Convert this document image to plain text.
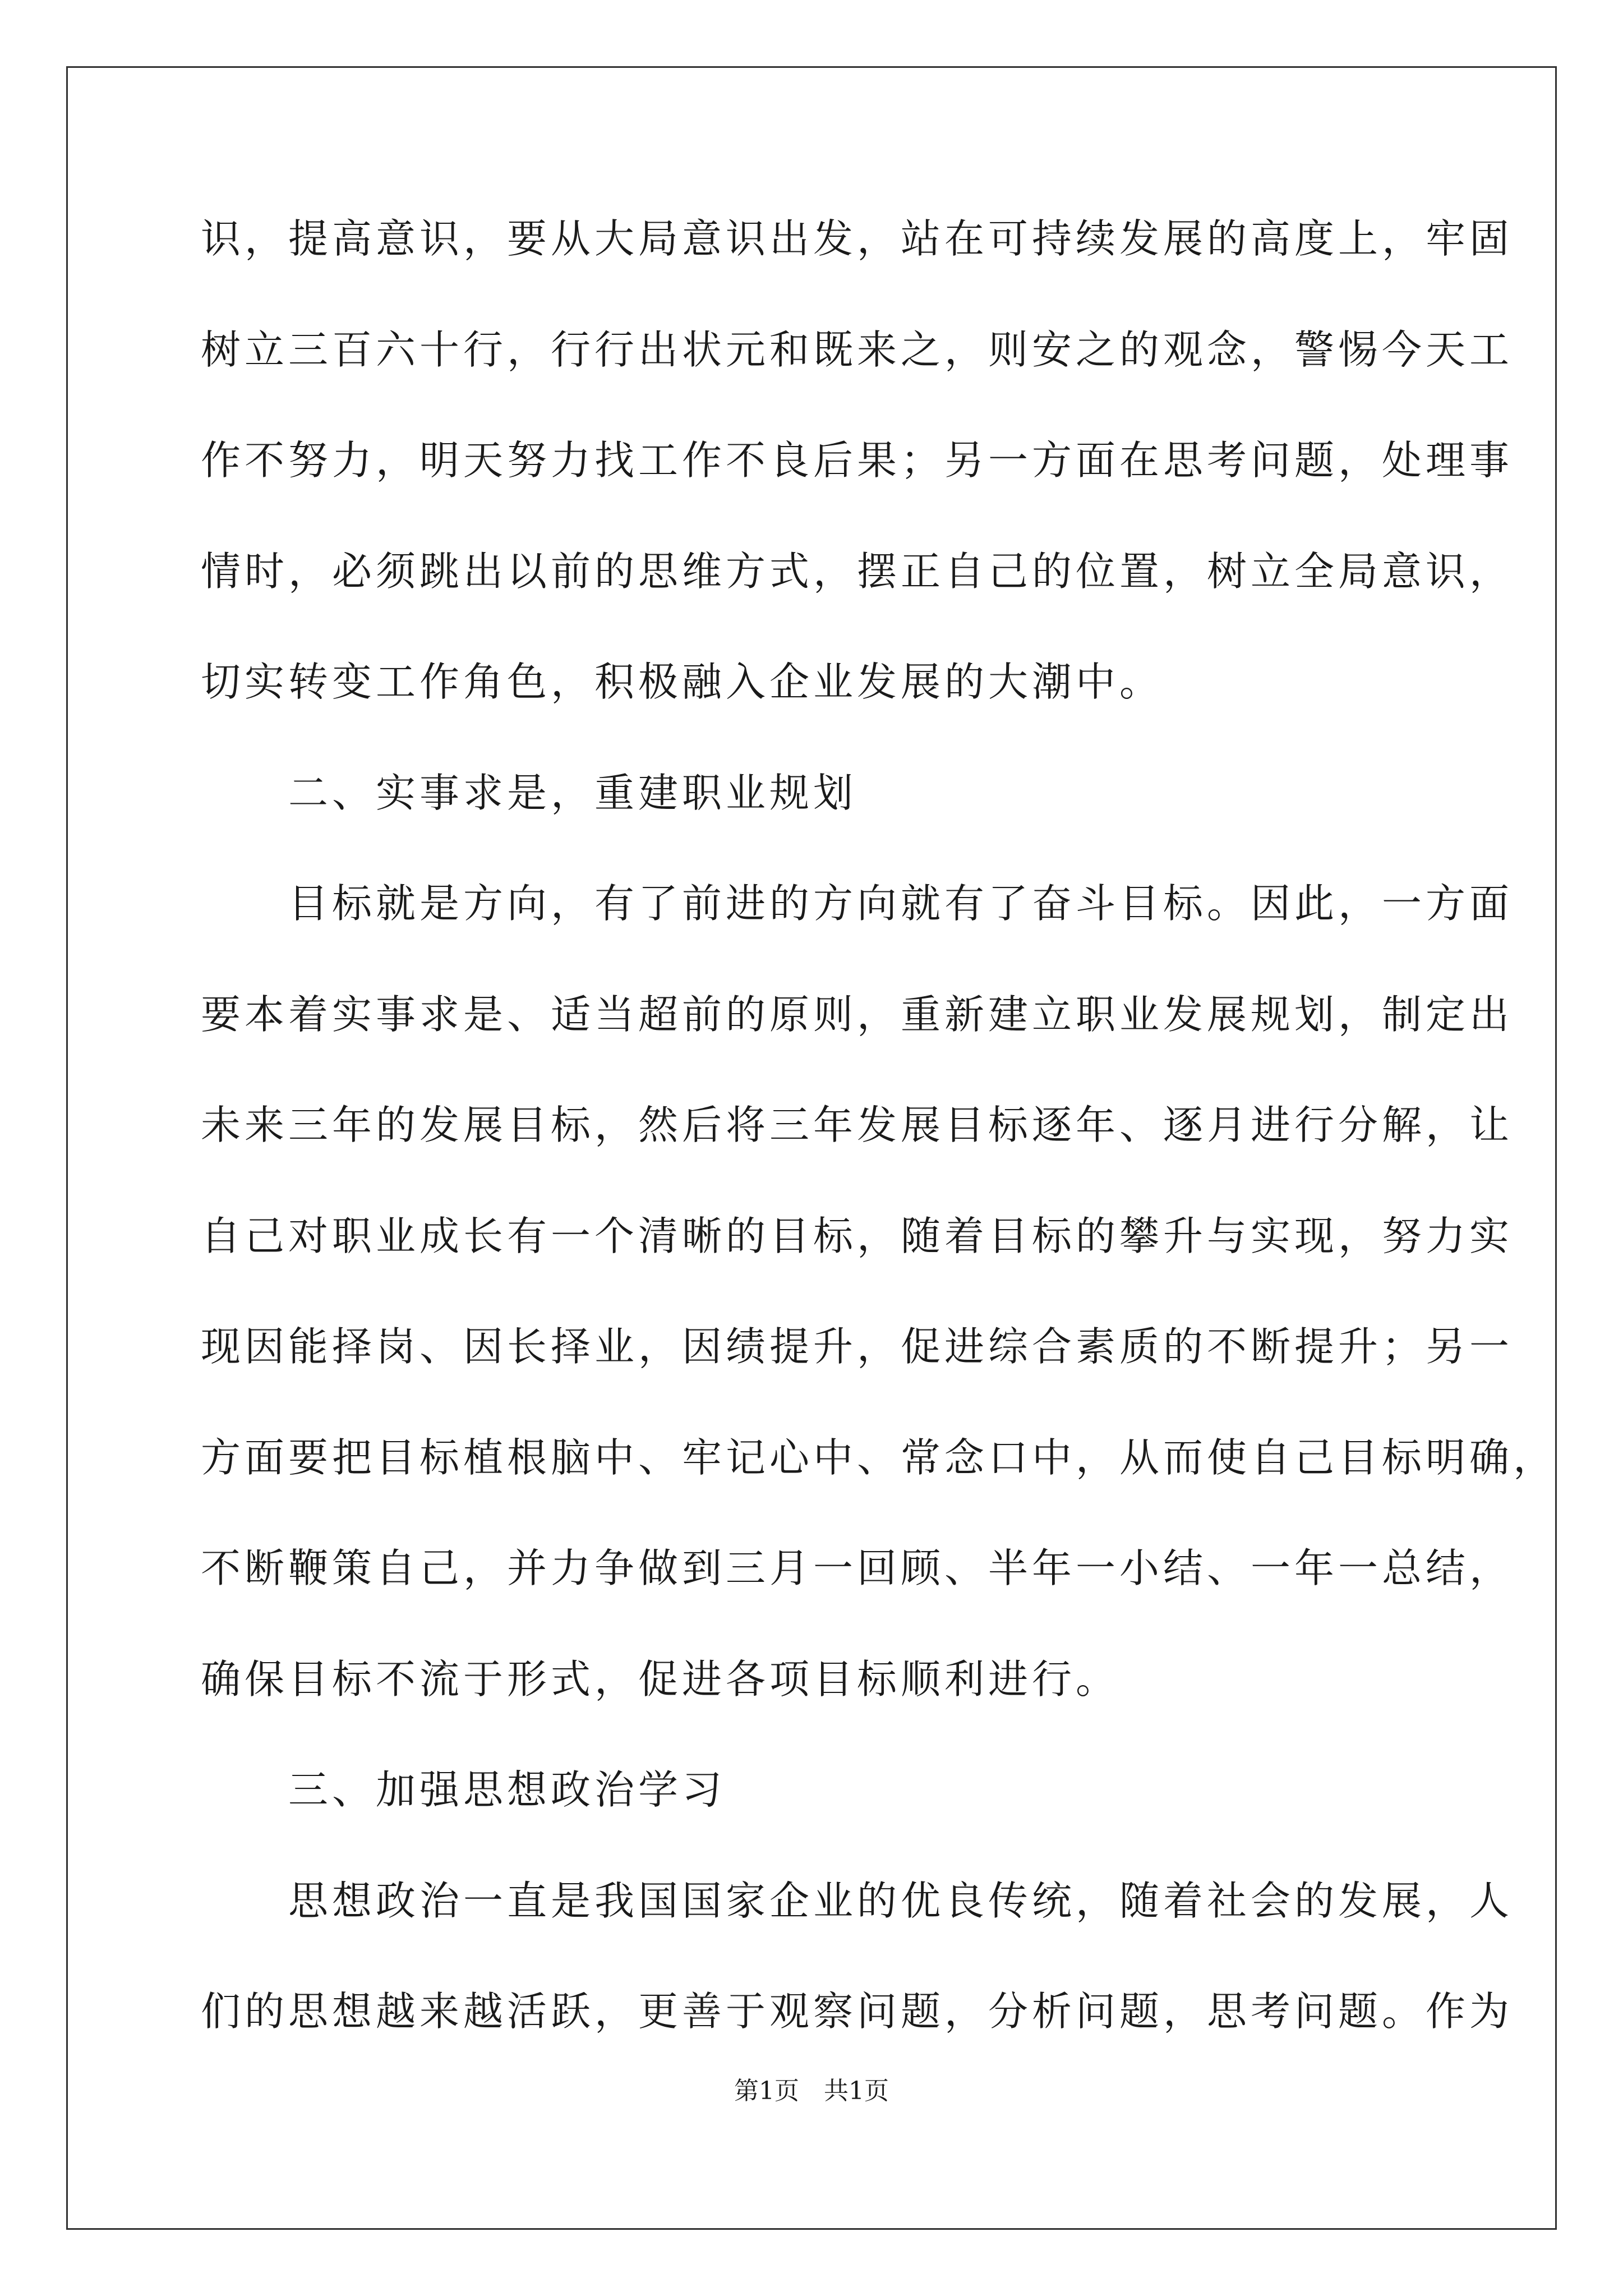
识，提高意识，要从大局意识出发，站在可持续发展的高度上，牢固
树立三百六十行，行行出状元和既来之，则安之的观念，警惕今天工
作不努力，明天努力找工作不良后果；另一方面在思考问题，处理事
情时，必须跳出以前的思维方式，摆正自己的位置，树立全局意识，
切实转变工作角色，积极融入企业发展的大潮中。
　　二、实事求是，重建职业规划
　　目标就是方向，有了前进的方向就有了奋斗目标。因此，一方面
要本着实事求是、适当超前的原则，重新建立职业发展规划，制定出
未来三年的发展目标，然后将三年发展目标逐年、逐月进行分解，让
自己对职业成长有一个清晰的目标，随着目标的攀升与实现，努力实
现因能择岗、因长择业，因绩提升，促进综合素质的不断提升；另一
方面要把目标植根脑中、牢记心中、常念口中，从而使自己目标明确，
不断鞭策自己，并力争做到三月一回顾、半年一小结、一年一总结，
确保目标不流于形式，促进各项目标顺利进行。
　　三、加强思想政治学习
　　思想政治一直是我国国家企业的优良传统，随着社会的发展，人
们的思想越来越活跃，更善于观察问题，分析问题，思考问题。作为
第1页 共1页
